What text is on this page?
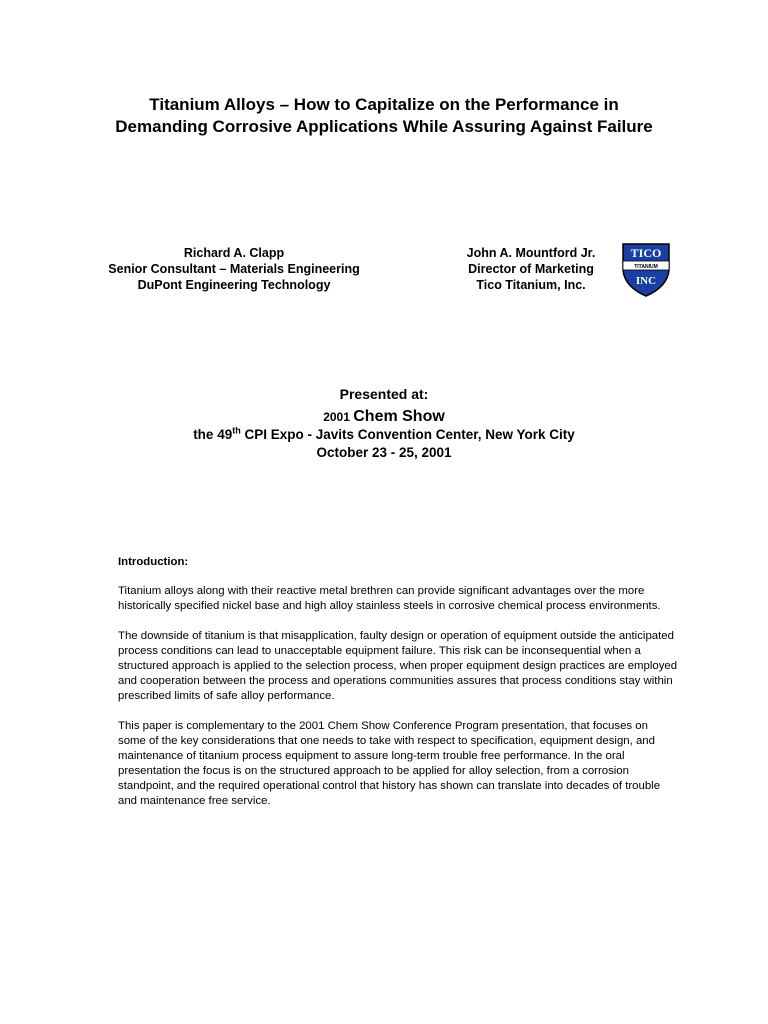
Titanium Alloys – How to Capitalize on the Performance in
Demanding Corrosive Applications While Assuring Against Failure
Richard A. Clapp
Senior Consultant – Materials Engineering
DuPont Engineering Technology
John A. Mountford Jr.
Director of Marketing
Tico Titanium, Inc.
TICO
TITANIUM
INC
Presented at:
2001 Chem Show
the 49th CPI Expo - Javits Convention Center, New York City
October 23 - 25, 2001
Introduction:

Titanium alloys along with their reactive metal brethren can provide significant advantages over the more historically specified nickel base and high alloy stainless steels in corrosive chemical process environments.

The downside of titanium is that misapplication, faulty design or operation of equipment outside the anticipated process conditions can lead to unacceptable equipment failure. This risk can be inconsequential when a structured approach is applied to the selection process, when proper equipment design practices are employed and cooperation between the process and operations communities assures that process conditions stay within prescribed limits of safe alloy performance.

This paper is complementary to the 2001 Chem Show Conference Program presentation, that focuses on some of the key considerations that one needs to take with respect to specification, equipment design, and maintenance of titanium process equipment to assure long-term trouble free performance. In the oral presentation the focus is on the structured approach to be applied for alloy selection, from a corrosion standpoint, and the required operational control that history has shown can translate into decades of trouble and maintenance free service.
